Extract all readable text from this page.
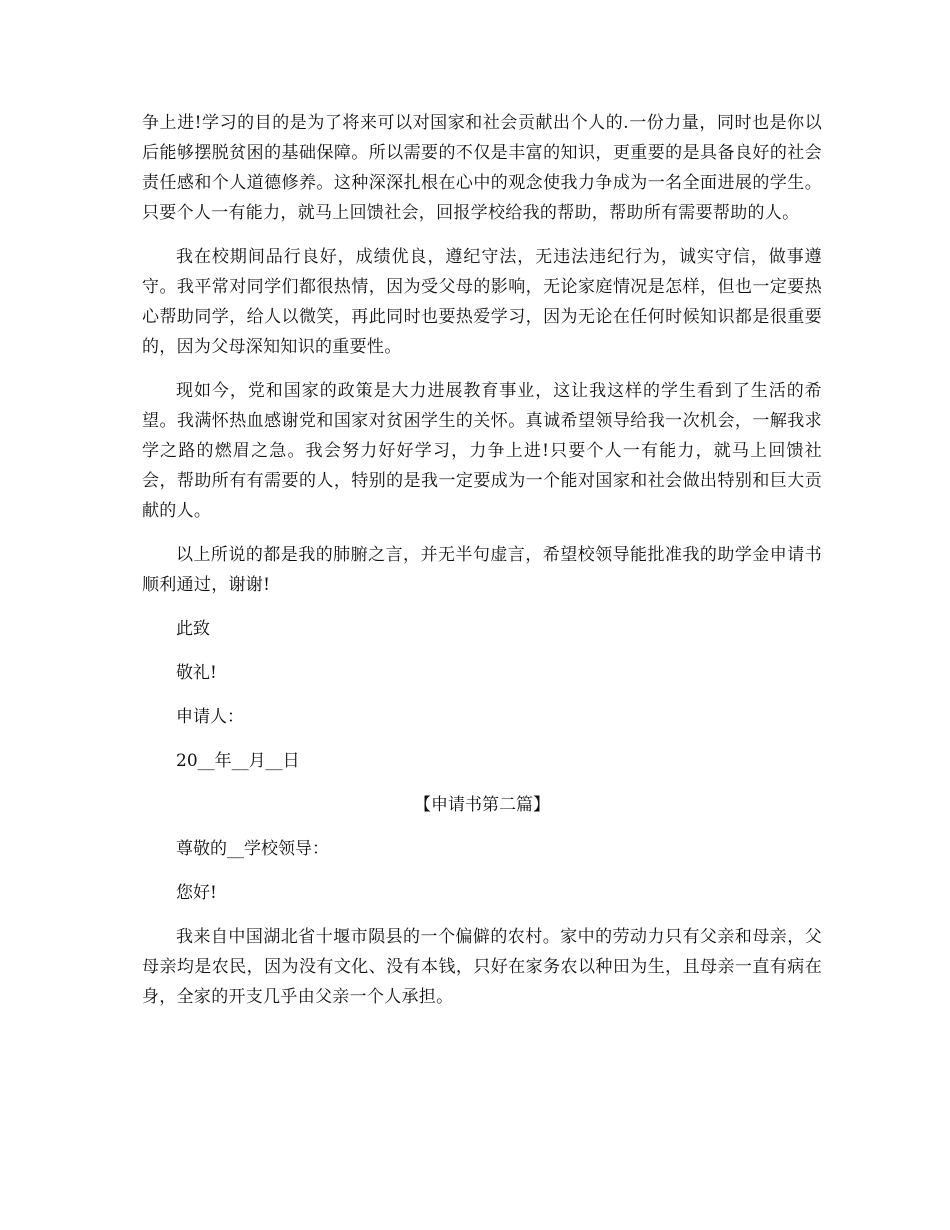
争上进!学习的目的是为了将来可以对国家和社会贡献出个人的.一份力量，同时也是你以后能够摆脱贫困的基础保障。所以需要的不仅是丰富的知识，更重要的是具备良好的社会责任感和个人道德修养。这种深深扎根在心中的观念使我力争成为一名全面进展的学生。只要个人一有能力，就马上回馈社会，回报学校给我的帮助，帮助所有需要帮助的人。

我在校期间品行良好，成绩优良，遵纪守法，无违法违纪行为，诚实守信，做事遵守。我平常对同学们都很热情，因为受父母的影响，无论家庭情况是怎样，但也一定要热心帮助同学，给人以微笑，再此同时也要热爱学习，因为无论在任何时候知识都是很重要的，因为父母深知知识的重要性。

现如今，党和国家的政策是大力进展教育事业，这让我这样的学生看到了生活的希望。我满怀热血感谢党和国家对贫困学生的关怀。真诚希望领导给我一次机会，一解我求学之路的燃眉之急。我会努力好好学习，力争上进!只要个人一有能力，就马上回馈社会，帮助所有有需要的人，特别的是我一定要成为一个能对国家和社会做出特别和巨大贡献的人。

以上所说的都是我的肺腑之言，并无半句虚言，希望校领导能批准我的助学金申请书顺利通过，谢谢!

此致

敬礼!

申请人：

20__年__月__日

【申请书第二篇】

尊敬的__学校领导：

您好!

我来自中国湖北省十堰市陨县的一个偏僻的农村。家中的劳动力只有父亲和母亲，父母亲均是农民，因为没有文化、没有本钱，只好在家务农以种田为生，且母亲一直有病在身，全家的开支几乎由父亲一个人承担。
